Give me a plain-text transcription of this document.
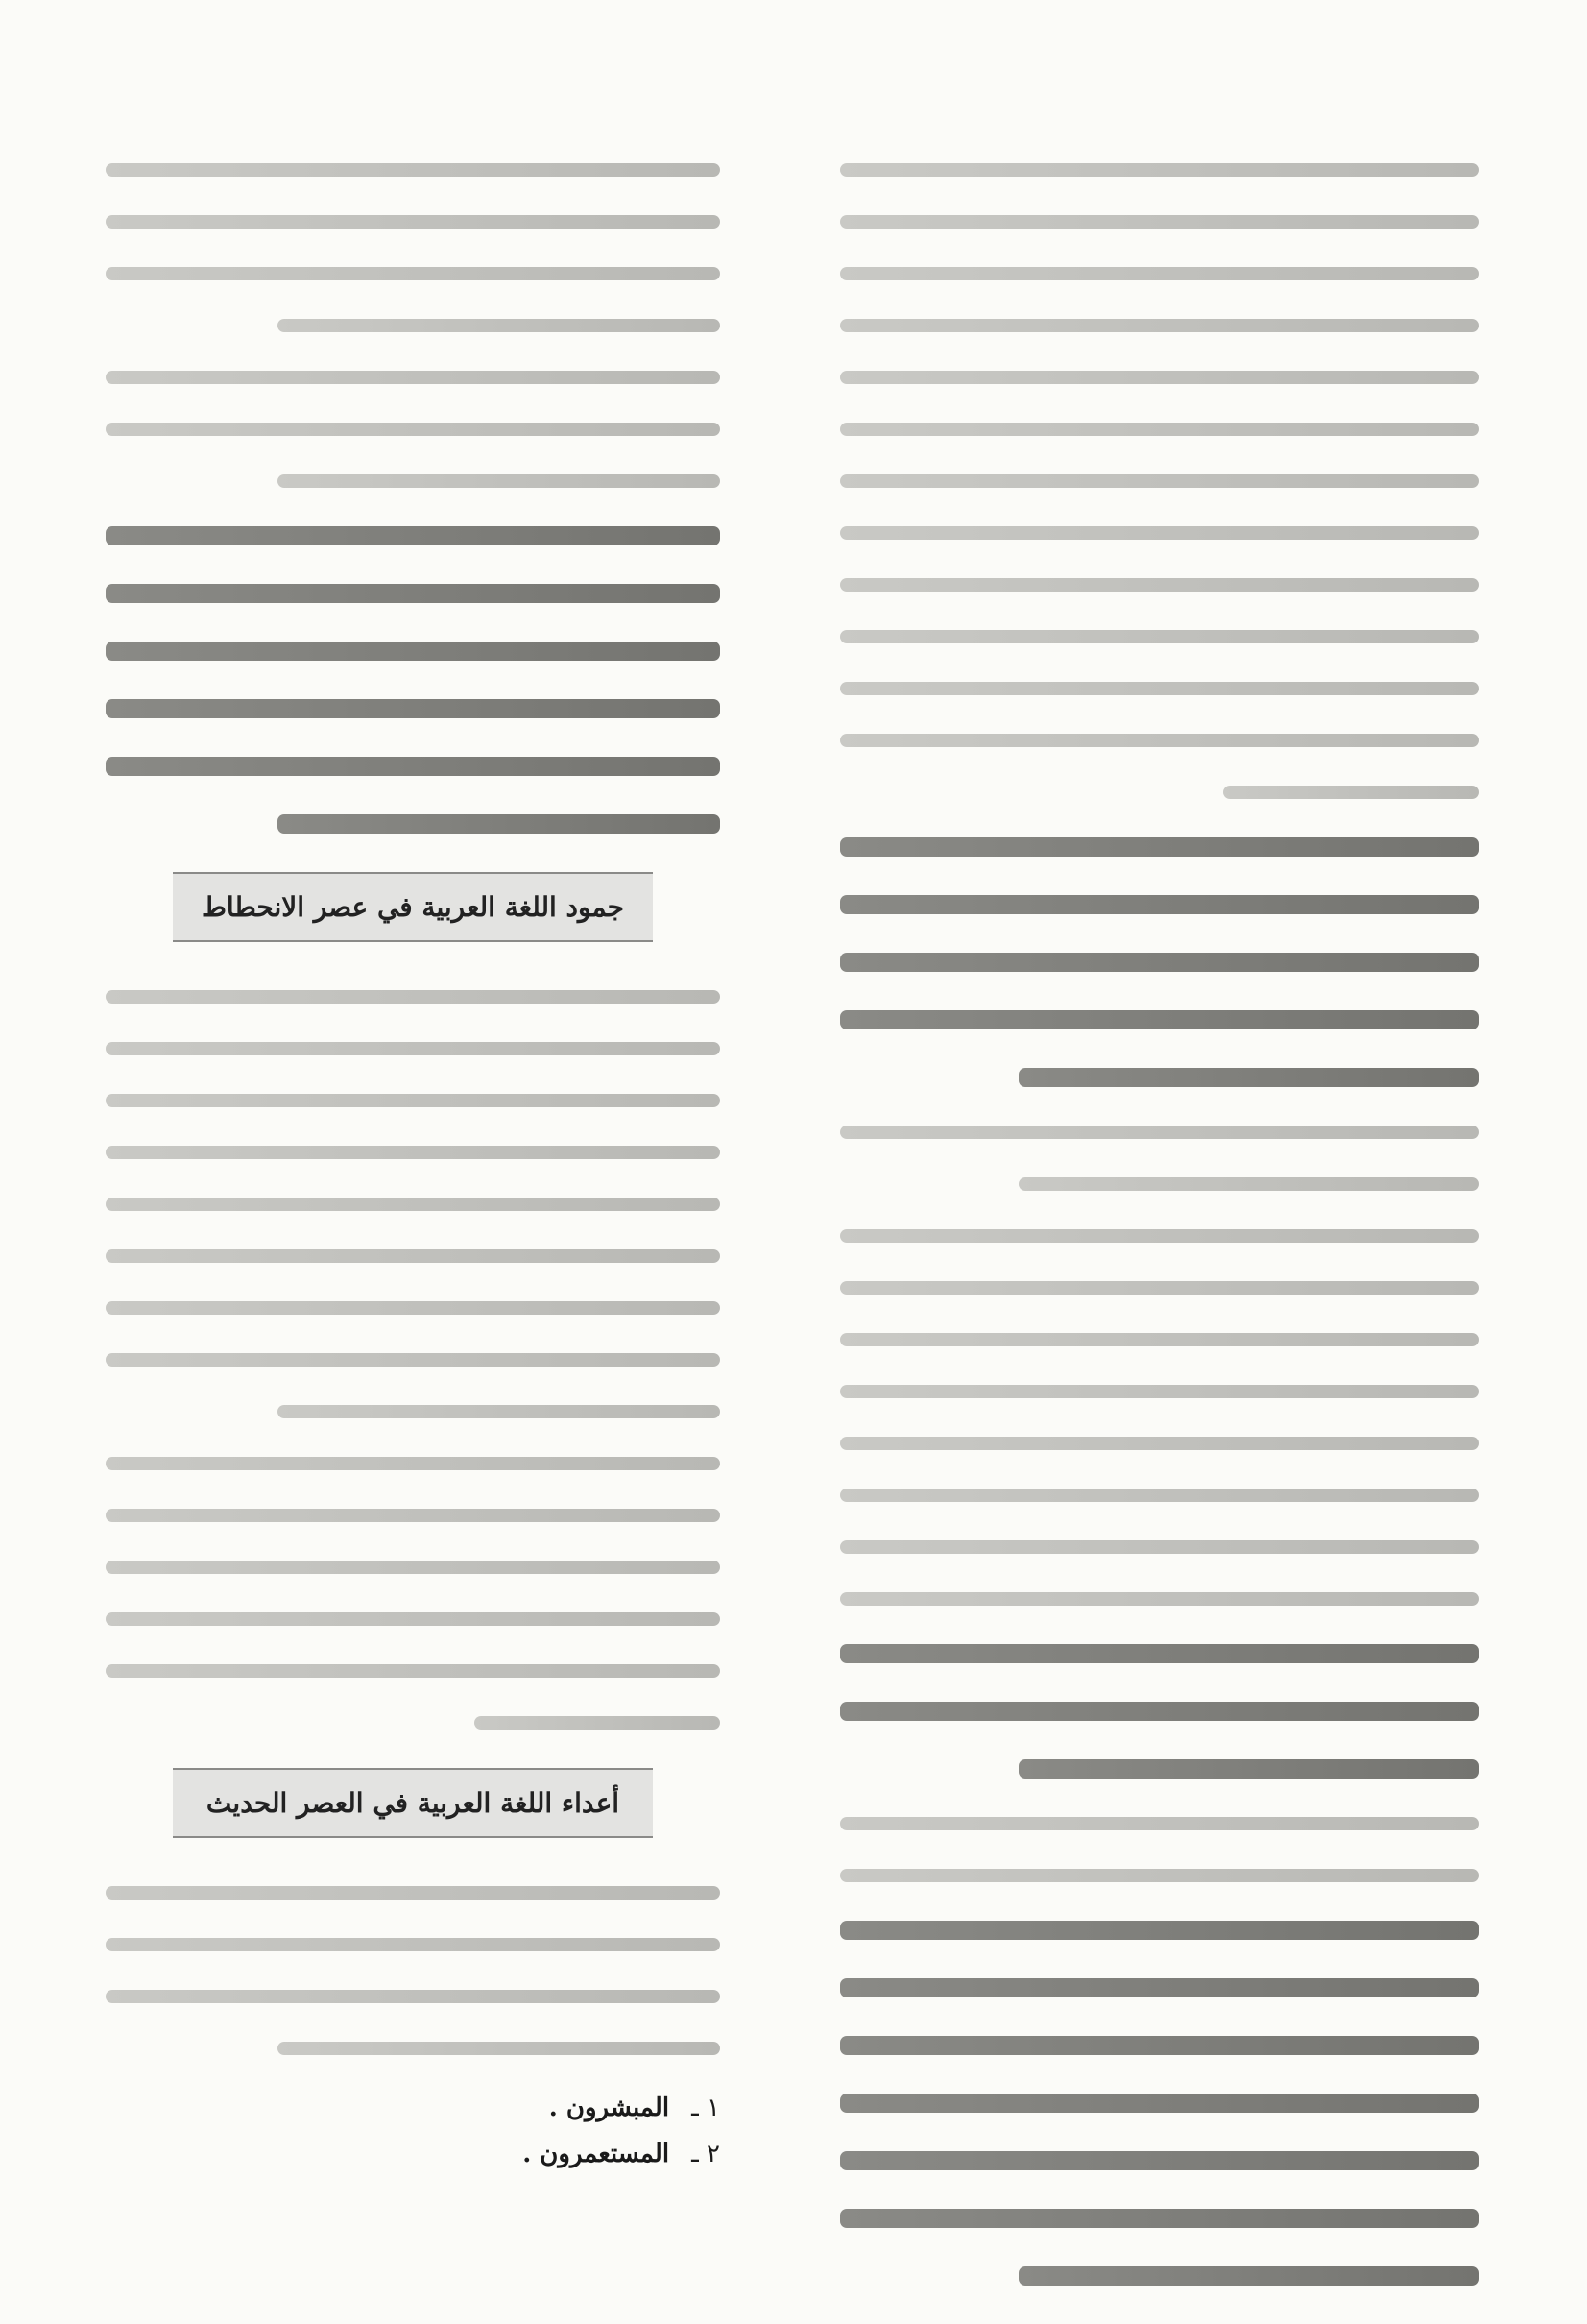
جمود اللغة العربية في عصر الانحطاط
أعداء اللغة العربية في العصر الحديث
١ ـ المبشرون .
٢ ـ المستعمرون .
